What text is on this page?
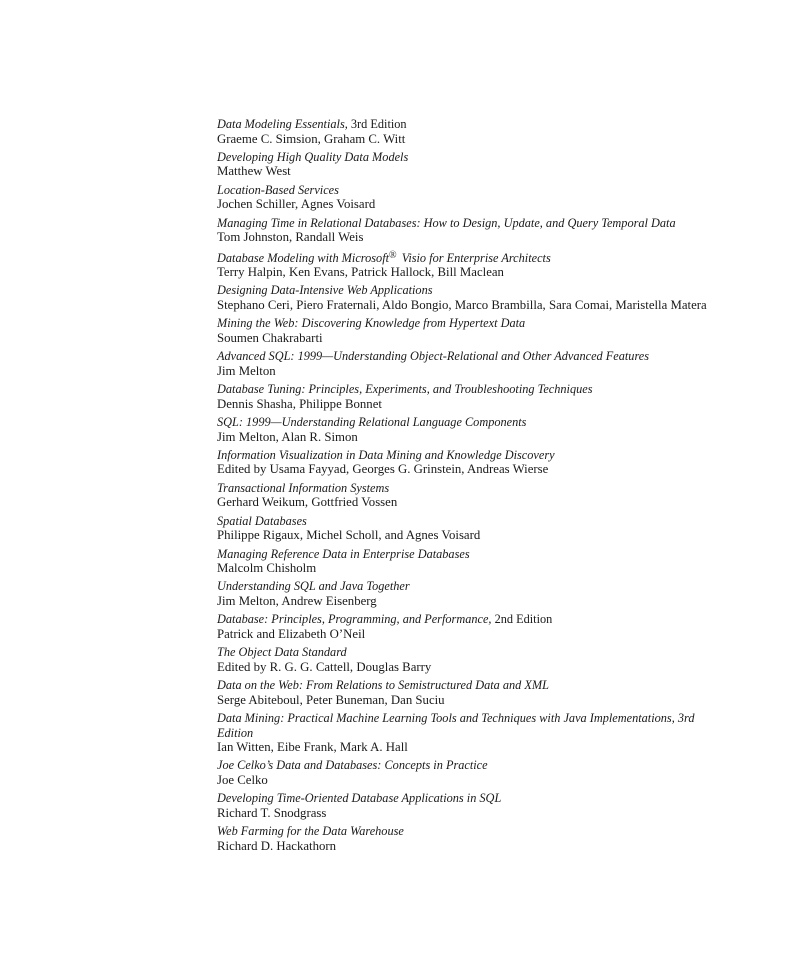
Data Modeling Essentials, 3rd Edition
Graeme C. Simsion, Graham C. Witt
Developing High Quality Data Models
Matthew West
Location-Based Services
Jochen Schiller, Agnes Voisard
Managing Time in Relational Databases: How to Design, Update, and Query Temporal Data
Tom Johnston, Randall Weis
Database Modeling with Microsoft® Visio for Enterprise Architects
Terry Halpin, Ken Evans, Patrick Hallock, Bill Maclean
Designing Data-Intensive Web Applications
Stephano Ceri, Piero Fraternali, Aldo Bongio, Marco Brambilla, Sara Comai, Maristella Matera
Mining the Web: Discovering Knowledge from Hypertext Data
Soumen Chakrabarti
Advanced SQL: 1999—Understanding Object-Relational and Other Advanced Features
Jim Melton
Database Tuning: Principles, Experiments, and Troubleshooting Techniques
Dennis Shasha, Philippe Bonnet
SQL: 1999—Understanding Relational Language Components
Jim Melton, Alan R. Simon
Information Visualization in Data Mining and Knowledge Discovery
Edited by Usama Fayyad, Georges G. Grinstein, Andreas Wierse
Transactional Information Systems
Gerhard Weikum, Gottfried Vossen
Spatial Databases
Philippe Rigaux, Michel Scholl, and Agnes Voisard
Managing Reference Data in Enterprise Databases
Malcolm Chisholm
Understanding SQL and Java Together
Jim Melton, Andrew Eisenberg
Database: Principles, Programming, and Performance, 2nd Edition
Patrick and Elizabeth O’Neil
The Object Data Standard
Edited by R. G. G. Cattell, Douglas Barry
Data on the Web: From Relations to Semistructured Data and XML
Serge Abiteboul, Peter Buneman, Dan Suciu
Data Mining: Practical Machine Learning Tools and Techniques with Java Implementations, 3rd Edition
Ian Witten, Eibe Frank, Mark A. Hall
Joe Celko’s Data and Databases: Concepts in Practice
Joe Celko
Developing Time-Oriented Database Applications in SQL
Richard T. Snodgrass
Web Farming for the Data Warehouse
Richard D. Hackathorn
